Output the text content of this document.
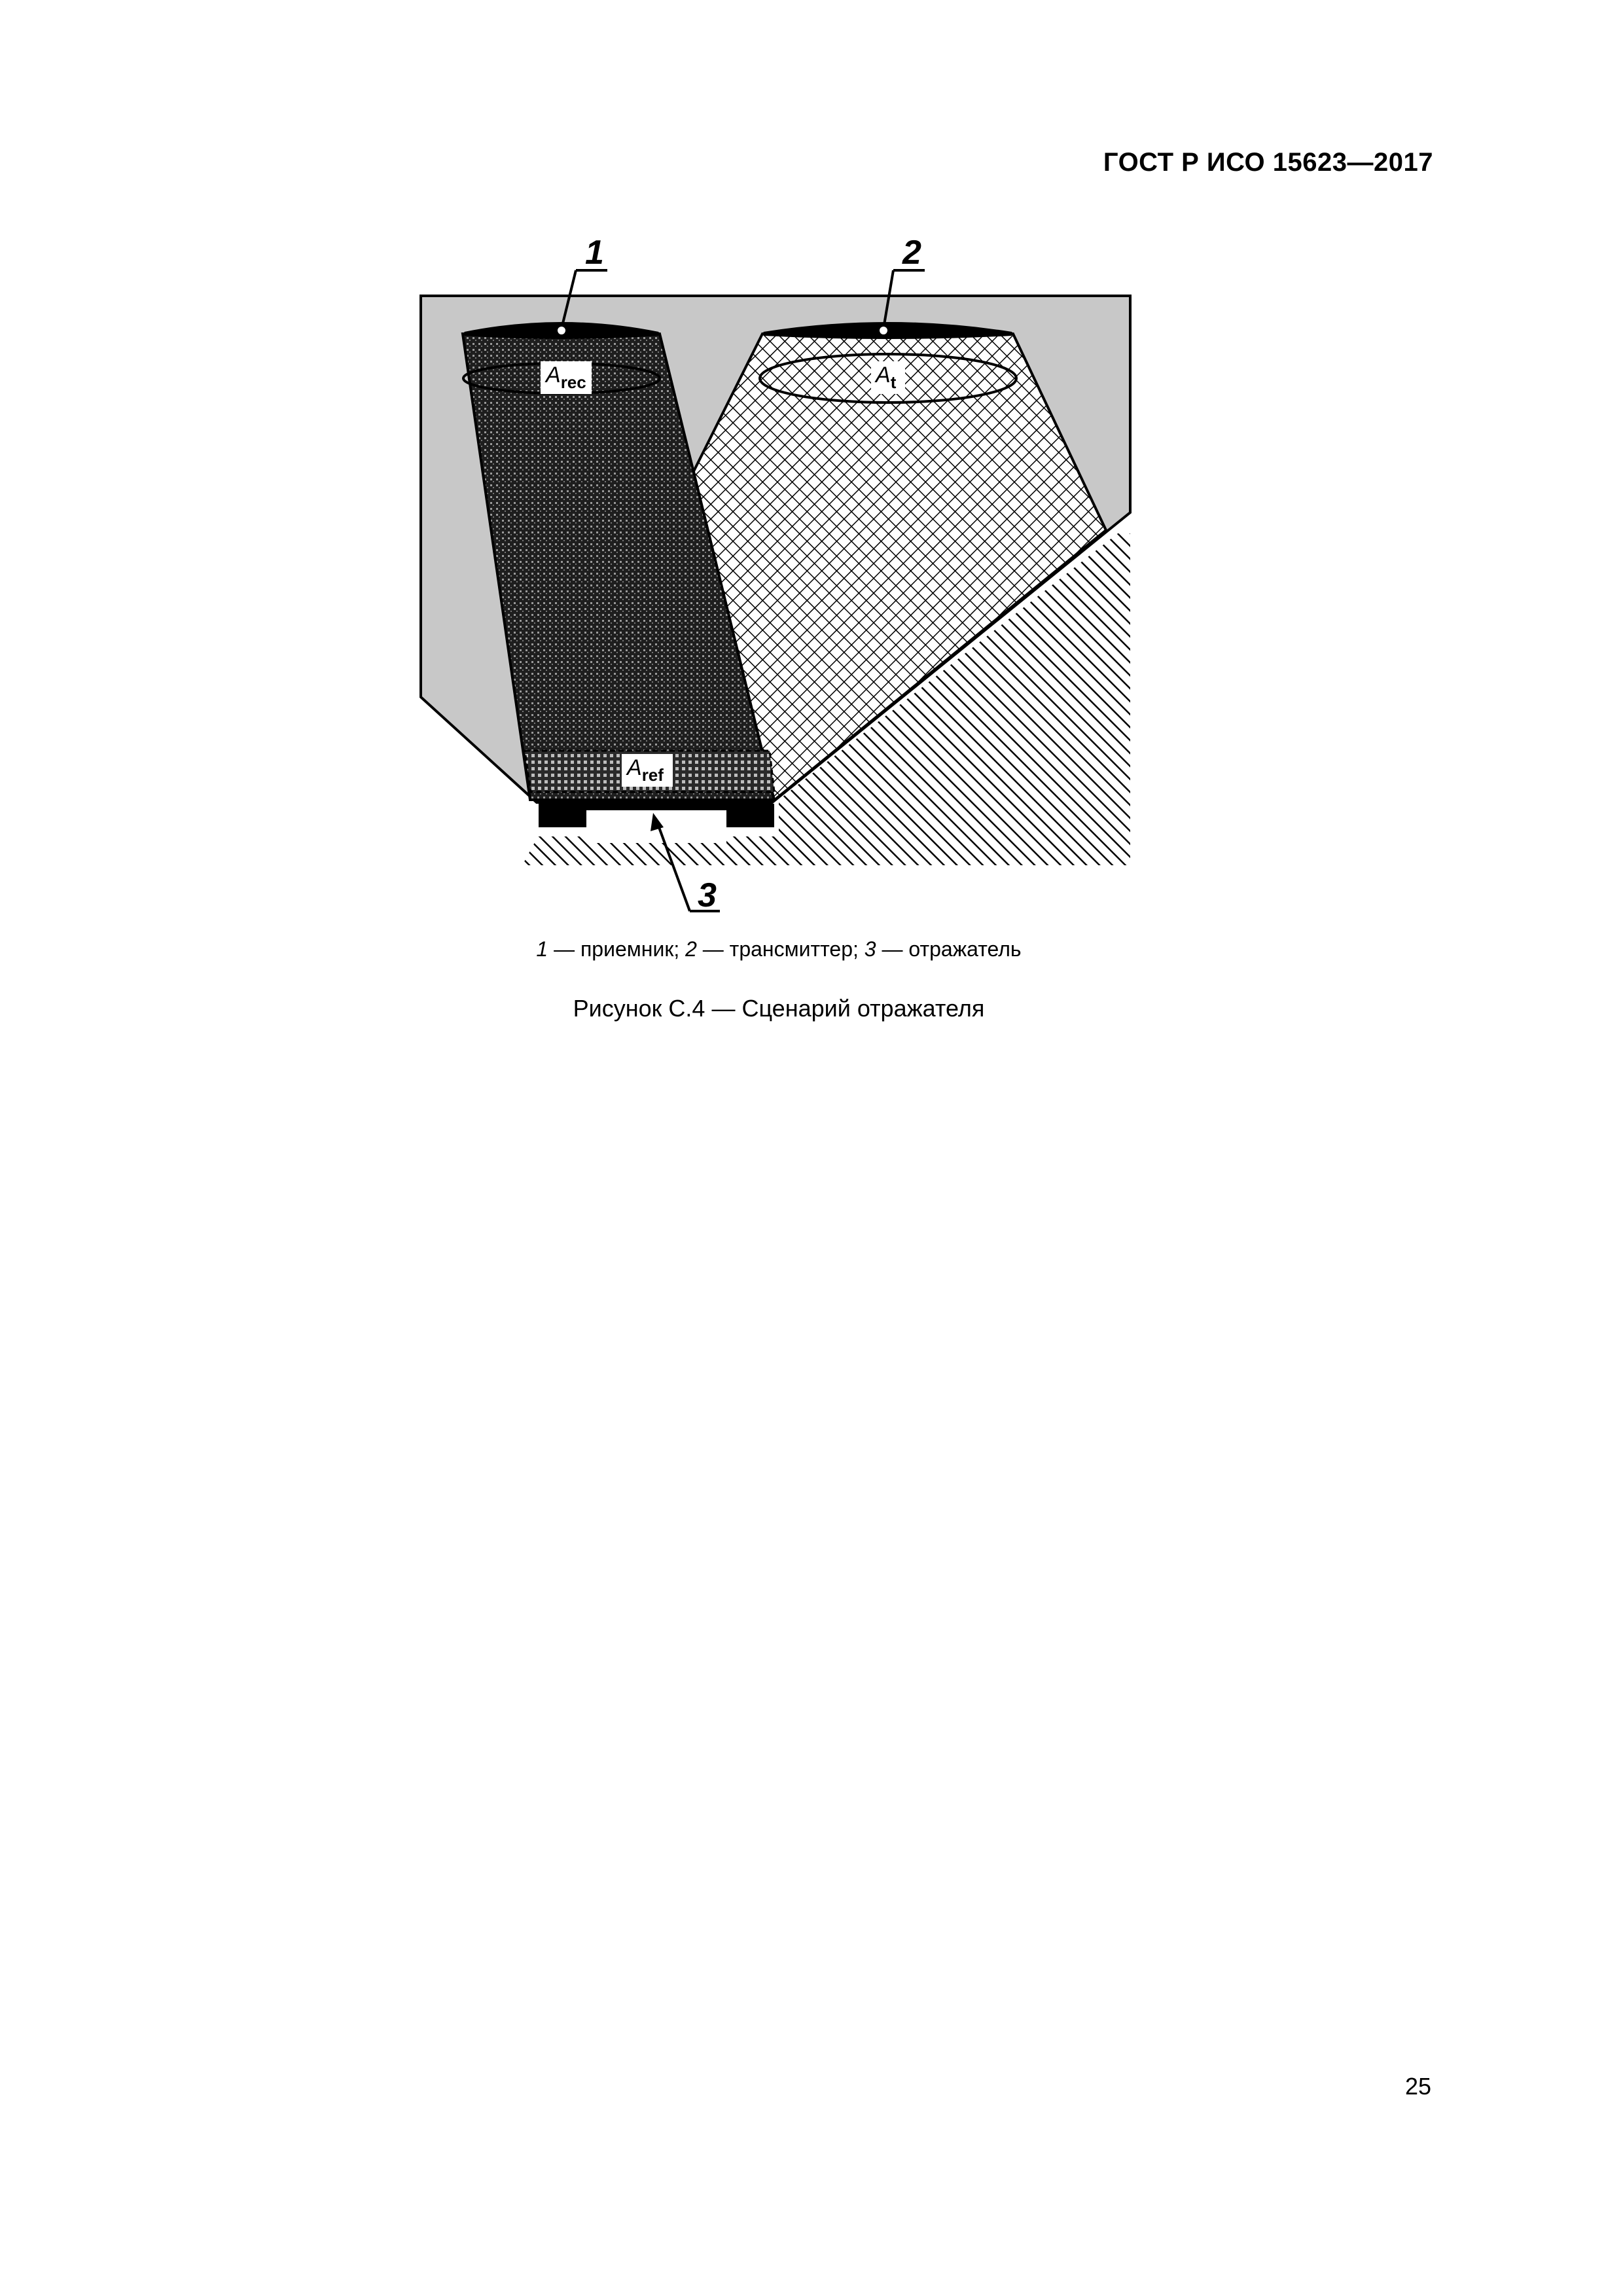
ГОСТ Р ИСО 15623—2017
$A_{rec}$	$A_t$
$A_{ref}$
1	2
3
1 — приемник; 2 — трансмиттер; 3 — отражатель
Рисунок С.4 — Сценарий отражателя
25
